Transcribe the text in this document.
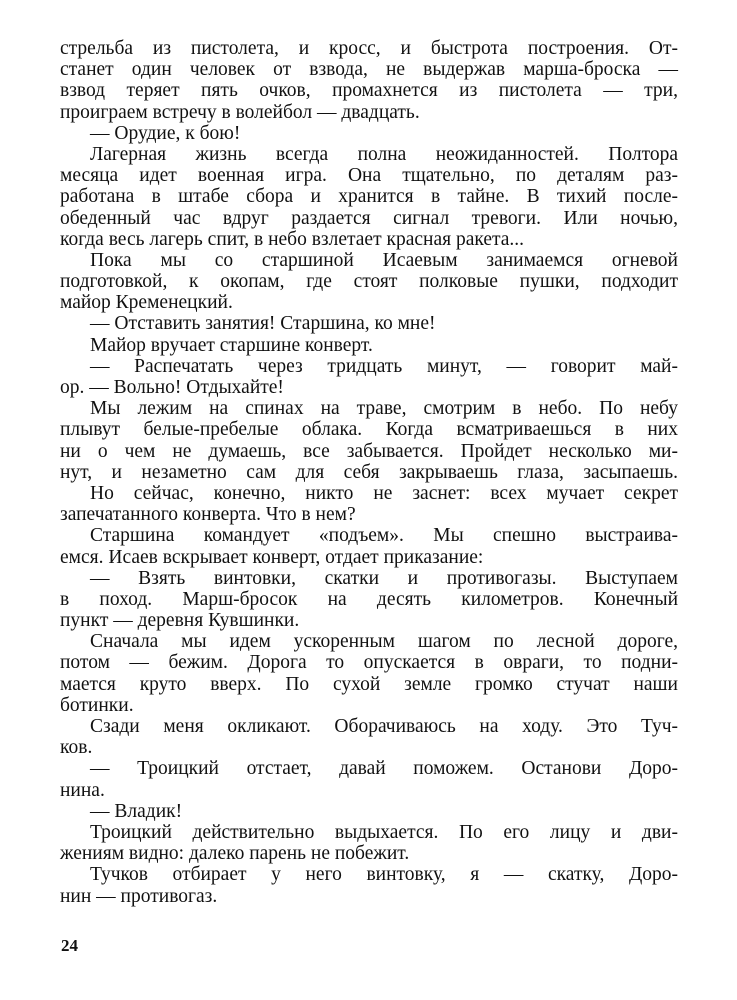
стрельба из пистолета, и кросс, и быстрота построения. От-
станет один человек от взвода, не выдержав марша-броска —
взвод теряет пять очков, промахнется из пистолета — три,
проиграем встречу в волейбол — двадцать.
— Орудие, к бою!
Лагерная жизнь всегда полна неожиданностей. Полтора
месяца идет военная игра. Она тщательно, по деталям раз-
работана в штабе сбора и хранится в тайне. В тихий после-
обеденный час вдруг раздается сигнал тревоги. Или ночью,
когда весь лагерь спит, в небо взлетает красная ракета...
Пока мы со старшиной Исаевым занимаемся огневой
подготовкой, к окопам, где стоят полковые пушки, подходит
майор Кременецкий.
— Отставить занятия! Старшина, ко мне!
Майор вручает старшине конверт.
— Распечатать через тридцать минут, — говорит май-
ор. — Вольно! Отдыхайте!
Мы лежим на спинах на траве, смотрим в небо. По небу
плывут белые-пребелые облака. Когда всматриваешься в них
ни о чем не думаешь, все забывается. Пройдет несколько ми-
нут, и незаметно сам для себя закрываешь глаза, засыпаешь.
Но сейчас, конечно, никто не заснет: всех мучает секрет
запечатанного конверта. Что в нем?
Старшина командует «подъем». Мы спешно выстраива-
емся. Исаев вскрывает конверт, отдает приказание:
— Взять винтовки, скатки и противогазы. Выступаем
в поход. Марш-бросок на десять километров. Конечный
пункт — деревня Кувшинки.
Сначала мы идем ускоренным шагом по лесной дороге,
потом — бежим. Дорога то опускается в овраги, то подни-
мается круто вверх. По сухой земле громко стучат наши
ботинки.
Сзади меня окликают. Оборачиваюсь на ходу. Это Туч-
ков.
— Троицкий отстает, давай поможем. Останови Доро-
нина.
— Владик!
Троицкий действительно выдыхается. По его лицу и дви-
жениям видно: далеко парень не побежит.
Тучков отбирает у него винтовку, я — скатку, Доро-
нин — противогаз.
24
